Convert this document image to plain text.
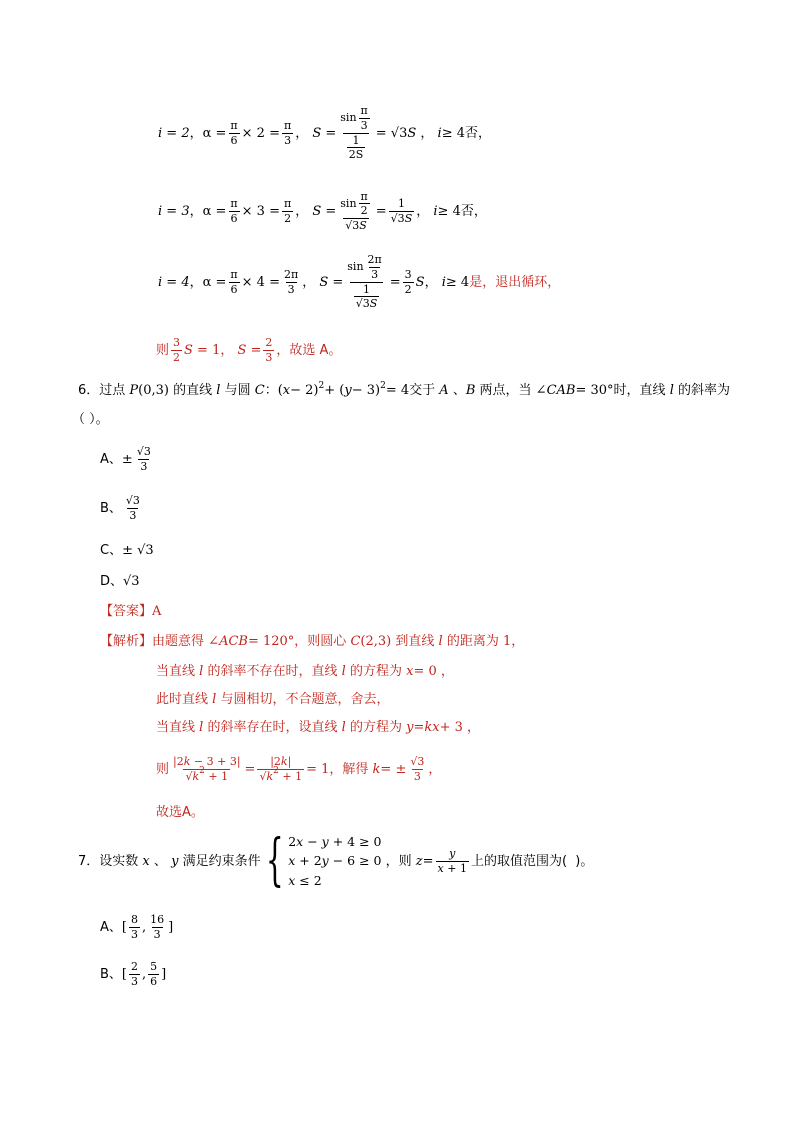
i = 2 ，$\alpha = \frac{\pi}{6} \times 2 = \frac{\pi}{3}$ ， $S = \frac{\sin \frac{\pi}{3}}{\frac{1}{2S}} = √3$ S ， i ≥ 4 否，
i = 3 ，$\alpha = \frac{\pi}{6} \times 3 = \frac{\pi}{2}$ ， $S = \frac{\sin \frac{\pi}{2}}{√3S} = \frac{1}{√3S}$ ， i ≥ 4 否，
i = 4 ，$\alpha = \frac{\pi}{6} \times 4 = \frac{2\pi}{3}$ ， $S = \frac{\sin \frac{2\pi}{3}}{\frac{1}{√3S}} = \frac{3}{2}$ S ， i ≥ 4 是，退出循环，
则 $\frac{3}{2}$ S = 1， $S = \frac{2}{3}$ ，故选 A。
6．过点
P (0,3) 的直线
l
与圆
C ： ( x − 2) 2 + ( y − 3) 2 = 4 交于
A
、 B
两点，当 ∠ CAB = 30° 时，直线
l
的斜率为
（ ）。
A、 ± $\frac{√3}{3}$
B、 $\frac{√3}{3}$
C、 ± √3
D、 √3
【答案】 A
【解析】 由题意得 ∠ ACB = 120° ，则圆心
C (2,3) 到直线
l
的距离为 1 ，
当直线
l
的斜率不存在时，直线
l
的方程为
x = 0 ，
此时直线
l
与圆相切，不合题意，舍去，
当直线
l
的斜率存在时，设直线
l
的方程为
y = kx + 3 ，
则 $\frac{|2k - 3 + 3|}{√k^2 + 1} = \frac{|2k|}{√k^2 + 1} = 1$ ，解得
k = ± $\frac{√3}{3}$ ，
故选A。
7．设实数
x
、
y
满足约束条件 { 2x − y + 4 ≥ 0
x + 2y − 6 ≥ 0
x ≤ 2

，则
$z = \frac{y}{x + 1}$ 上的取值范围为(  )。
A、 [ $\frac{8}{3}$ , $\frac{16}{3}$ ]
B、 [ $\frac{2}{3}$ , $\frac{5}{6}$ ]
